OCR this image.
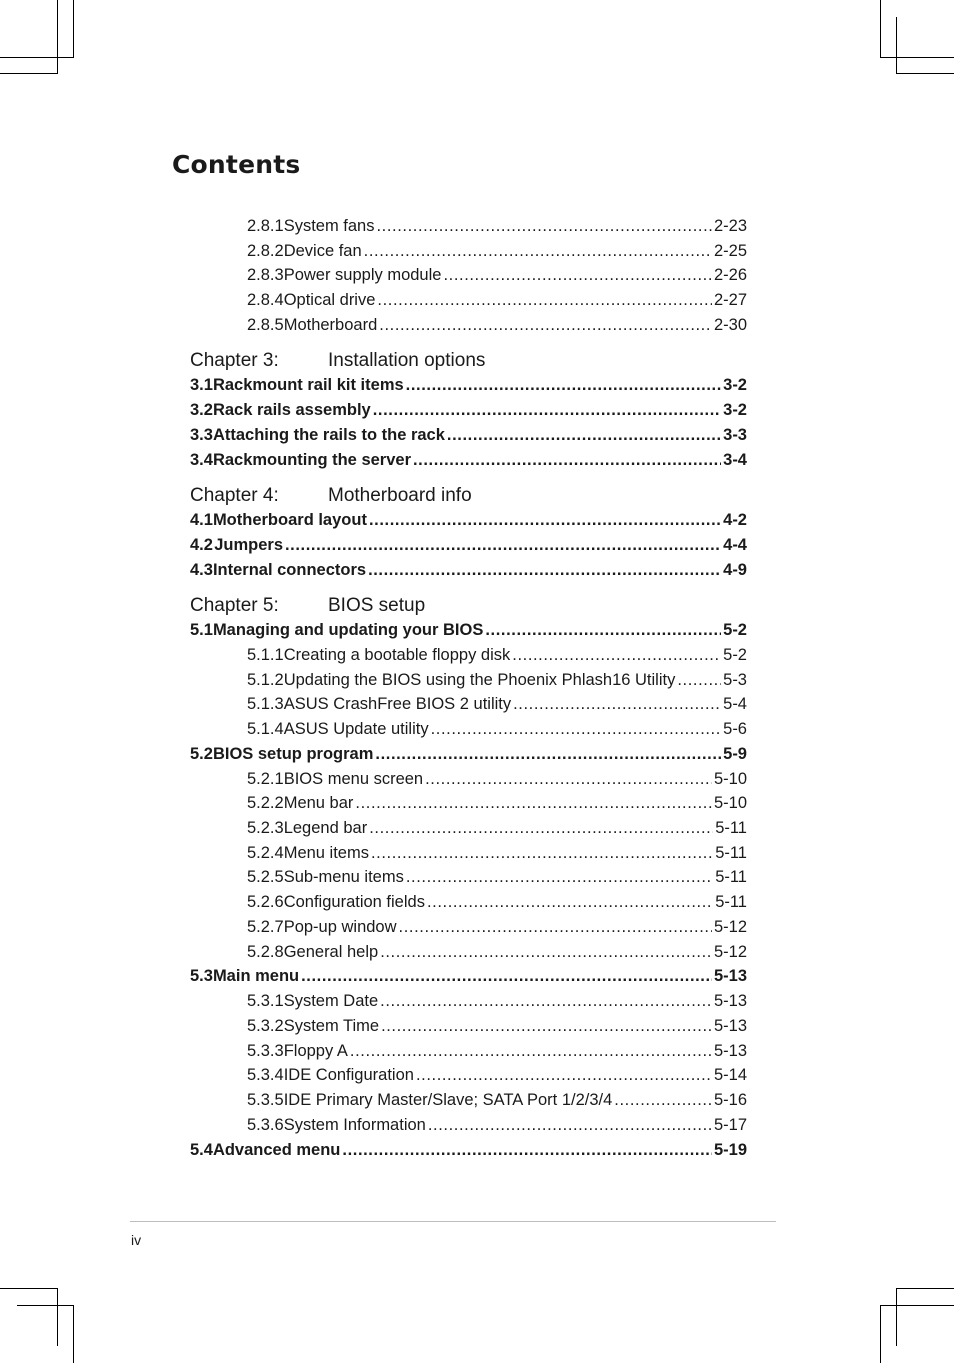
Contents
2.8.1 System fans .....	2-23
2.8.2 Device fan .....	2-25
2.8.3 Power supply module .....	2-26
2.8.4 Optical drive .....	2-27
2.8.5 Motherboard .....	2-30
Chapter 3:	Installation options
3.1 Rackmount rail kit items .....	3-2
3.2 Rack rails assembly .....	3-2
3.3 Attaching the rails to the rack .....	3-3
3.4 Rackmounting the server .....	3-4
Chapter 4:	Motherboard info
4.1 Motherboard layout .....	4-2
4.2 Jumpers .....	4-4
4.3 Internal connectors .....	4-9
Chapter 5:	BIOS setup
5.1 Managing and updating your BIOS .....	5-2
5.1.1 Creating a bootable floppy disk .....	5-2
5.1.2 Updating the BIOS using the Phoenix Phlash16 Utility .....	5-3
5.1.3 ASUS CrashFree BIOS 2 utility .....	5-4
5.1.4 ASUS Update utility .....	5-6
5.2 BIOS setup program .....	5-9
5.2.1 BIOS menu screen .....	5-10
5.2.2 Menu bar .....	5-10
5.2.3 Legend bar .....	5-11
5.2.4 Menu items .....	5-11
5.2.5 Sub-menu items .....	5-11
5.2.6 Configuration fields .....	5-11
5.2.7 Pop-up window .....	5-12
5.2.8 General help .....	5-12
5.3 Main menu .....	5-13
5.3.1 System Date .....	5-13
5.3.2 System Time .....	5-13
5.3.3 Floppy A .....	5-13
5.3.4 IDE Configuration .....	5-14
5.3.5 IDE Primary Master/Slave; SATA Port 1/2/3/4 .....	5-16
5.3.6 System Information .....	5-17
5.4 Advanced menu .....	5-19
iv
